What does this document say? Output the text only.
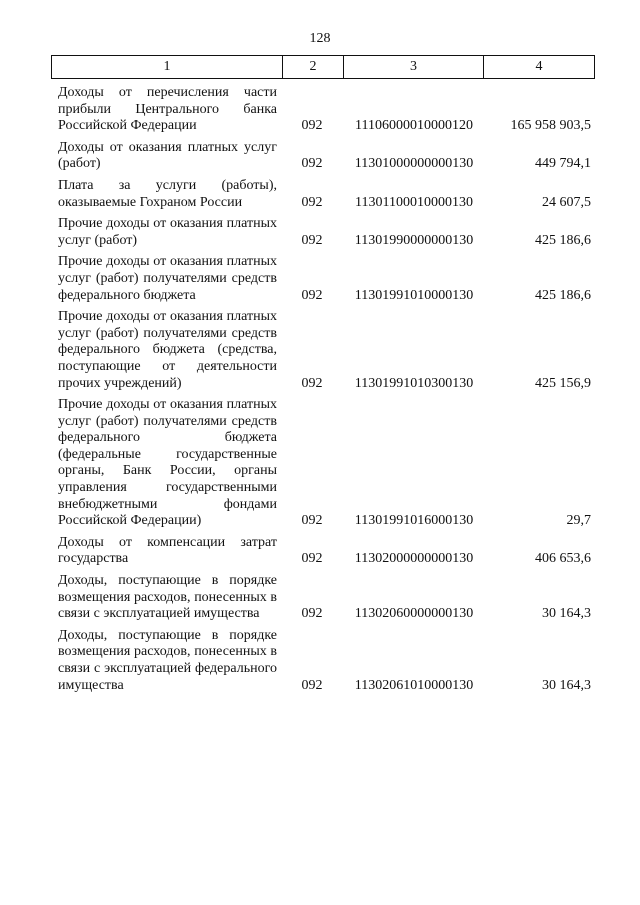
128
1	2	3	4
Доходы от перечисления части прибыли Центрального банка Российской Федерации	092	11106000010000120	165 958 903,5
Доходы от оказания платных услуг (работ)	092	11301000000000130	449 794,1
Плата за услуги (работы), оказываемые Гохраном России	092	11301100010000130	24 607,5
Прочие доходы от оказания платных услуг (работ)	092	11301990000000130	425 186,6
Прочие доходы от оказания платных услуг (работ) получателями средств федерального бюджета	092	11301991010000130	425 186,6
Прочие доходы от оказания платных услуг (работ) получателями средств федерального бюджета (средства, поступающие от деятельности прочих учреждений)	092	11301991010300130	425 156,9
Прочие доходы от оказания платных услуг (работ) получателями средств федерального бюджета (федеральные государственные органы, Банк России, органы управления государственными внебюджетными фондами Российской Федерации)	092	11301991016000130	29,7
Доходы от компенсации затрат государства	092	11302000000000130	406 653,6
Доходы, поступающие в порядке возмещения расходов, понесенных в связи с эксплуатацией имущества	092	11302060000000130	30 164,3
Доходы, поступающие в порядке возмещения расходов, понесенных в связи с эксплуатацией федерального имущества	092	11302061010000130	30 164,3
